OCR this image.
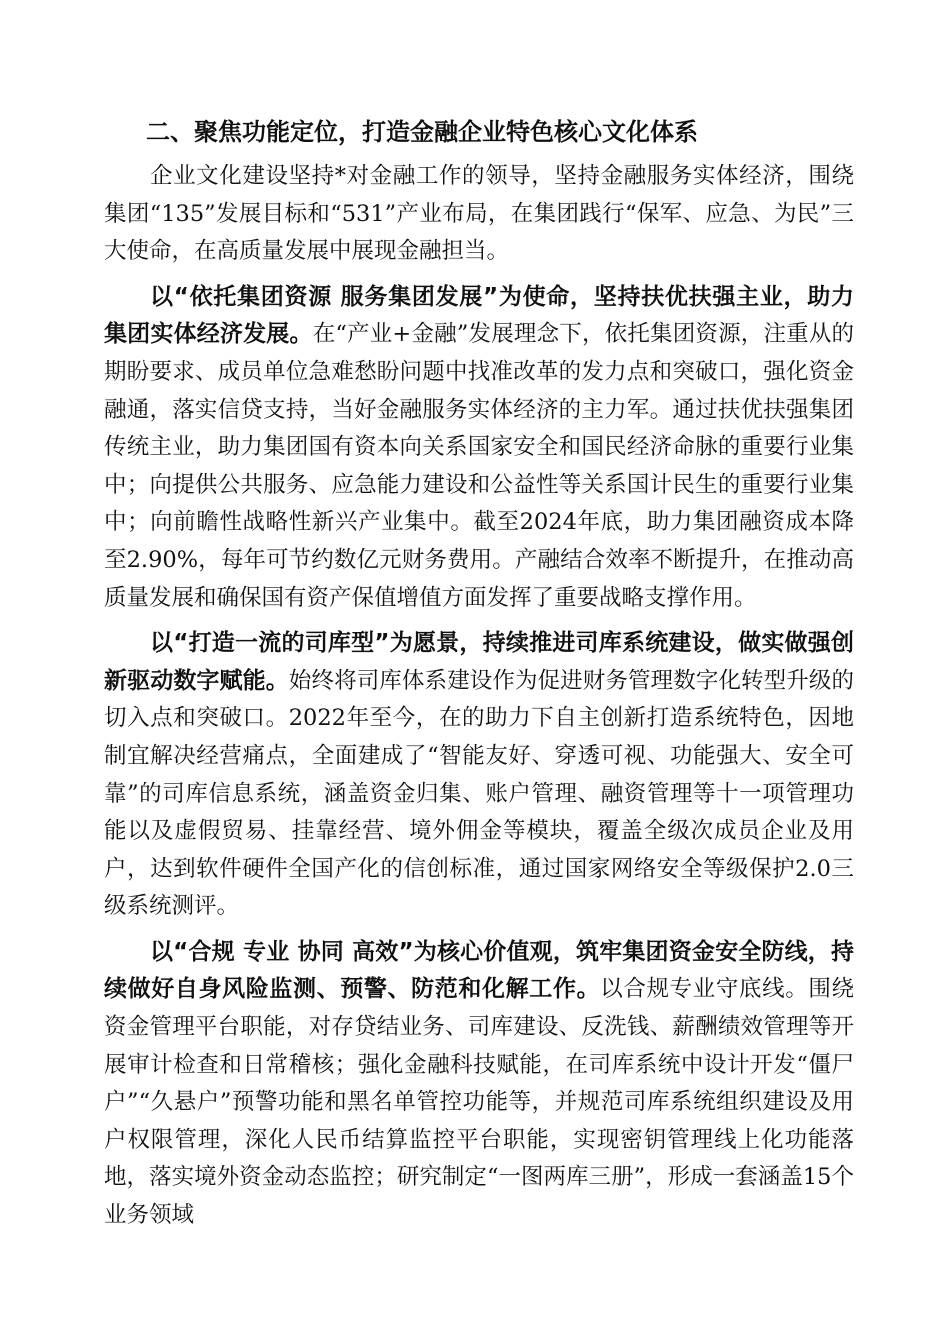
二、聚焦功能定位，打造金融企业特色核心文化体系

企业文化建设坚持*对金融工作的领导，坚持金融服务实体经济，围绕集团“135”发展目标和“531”产业布局，在集团践行“保军、应急、为民”三大使命，在高质量发展中展现金融担当。

以“依托集团资源 服务集团发展”为使命，坚持扶优扶强主业，助力集团实体经济发展。在“产业+金融”发展理念下，依托集团资源，注重从的期盼要求、成员单位急难愁盼问题中找准改革的发力点和突破口，强化资金融通，落实信贷支持，当好金融服务实体经济的主力军。通过扶优扶强集团传统主业，助力集团国有资本向关系国家安全和国民经济命脉的重要行业集中；向提供公共服务、应急能力建设和公益性等关系国计民生的重要行业集中；向前瞻性战略性新兴产业集中。截至2024年底，助力集团融资成本降至2.90%，每年可节约数亿元财务费用。产融结合效率不断提升，在推动高质量发展和确保国有资产保值增值方面发挥了重要战略支撑作用。

以“打造一流的司库型”为愿景，持续推进司库系统建设，做实做强创新驱动数字赋能。始终将司库体系建设作为促进财务管理数字化转型升级的切入点和突破口。2022年至今，在的助力下自主创新打造系统特色，因地制宜解决经营痛点，全面建成了“智能友好、穿透可视、功能强大、安全可靠”的司库信息系统，涵盖资金归集、账户管理、融资管理等十一项管理功能以及虚假贸易、挂靠经营、境外佣金等模块，覆盖全级次成员企业及用户，达到软件硬件全国产化的信创标准，通过国家网络安全等级保护2.0三级系统测评。

以“合规 专业 协同 高效”为核心价值观，筑牢集团资金安全防线，持续做好自身风险监测、预警、防范和化解工作。以合规专业守底线。围绕资金管理平台职能，对存贷结业务、司库建设、反洗钱、薪酬绩效管理等开展审计检查和日常稽核；强化金融科技赋能，在司库系统中设计开发“僵尸户”“久悬户”预警功能和黑名单管控功能等，并规范司库系统组织建设及用户权限管理，深化人民币结算监控平台职能，实现密钥管理线上化功能落地，落实境外资金动态监控；研究制定“一图两库三册”，形成一套涵盖15个业务领域
